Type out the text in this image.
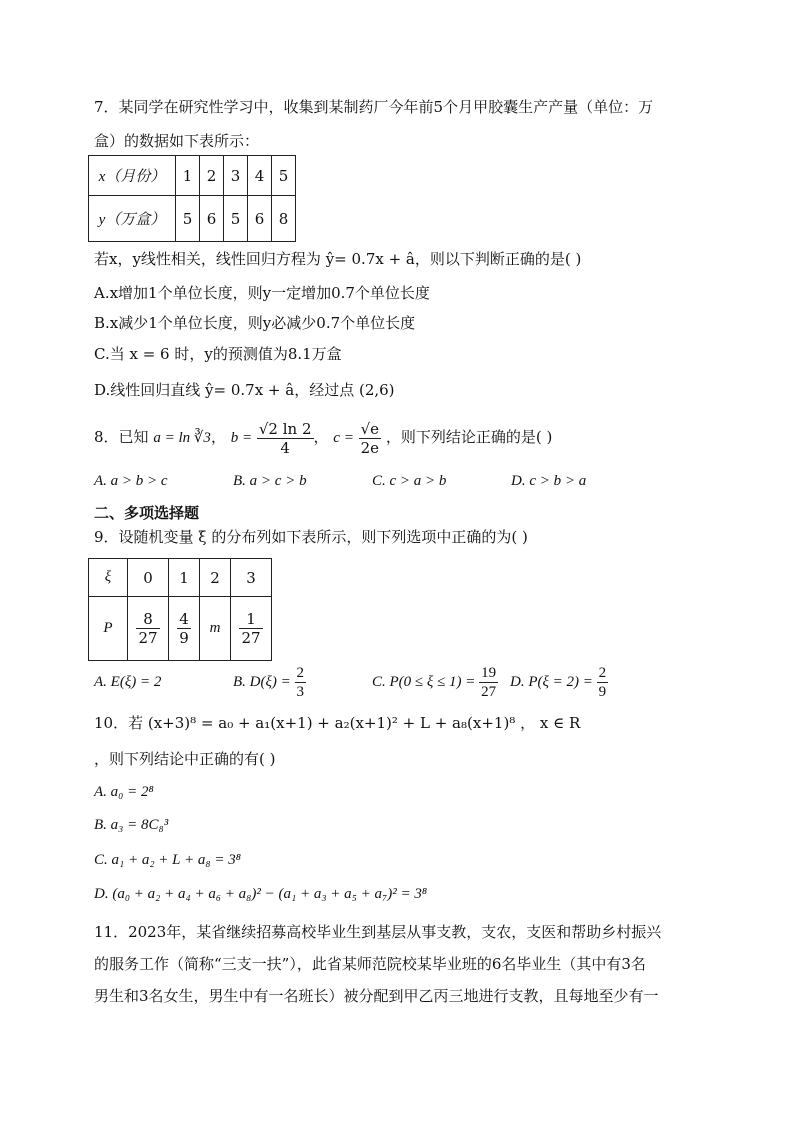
7．某同学在研究性学习中，收集到某制药厂今年前5个月甲胶囊生产产量（单位：万
盒）的数据如下表所示：
x（月份）	1	2	3	4	5
y（万盒）	5	6	5	6	8
若x，y线性相关，线性回归方程为 ŷ= 0.7x + â，则以下判断正确的是( )
A.x增加1个单位长度，则y一定增加0.7个单位长度
B.x减少1个单位长度，则y必减少0.7个单位长度
C.当 x = 6 时，y的预测值为8.1万盒
D.线性回归直线 ŷ= 0.7x + â，经过点 (2,6)
8．已知 a = ln ∛3， $b = \frac{√2 \ln 2}{4}$ ， $c = \frac{√e}{2e}$ ，则下列结论正确的是( )
A. a > b > c	B. a > c > b	C. c > a > b	D. c > b > a
二、多项选择题
9．设随机变量 ξ 的分布列如下表所示，则下列选项中正确的为( )
ξ	0	1	2	3
P	$\frac{8}{27}$	$\frac{4}{9}$	m	$\frac{1}{27}$
A. E(ξ) = 2	B. $D(\xi) = \frac{2}{3}$	C. $P(0 \le \xi \le 1) = \frac{19}{27} D$. $P(\xi = 2) = \frac{2}{9}$
10．若 (x+3)⁸ = a₀ + a₁(x+1) + a₂(x+1)² + L + a₈(x+1)⁸ ， x ∈ R
，则下列结论中正确的有( )
A. a₀ = 2⁸
B. a₃ = 8C₈³
C. a₁ + a₂ + L + a₈ = 3⁸
D. (a₀ + a₂ + a₄ + a₆ + a₈)² − (a₁ + a₃ + a₅ + a₇)² = 3⁸
11．2023年，某省继续招募高校毕业生到基层从事支教，支农，支医和帮助乡村振兴
的服务工作（简称“三支一扶”），此省某师范院校某毕业班的6名毕业生（其中有3名
男生和3名女生，男生中有一名班长）被分配到甲乙丙三地进行支教，且每地至少有一
